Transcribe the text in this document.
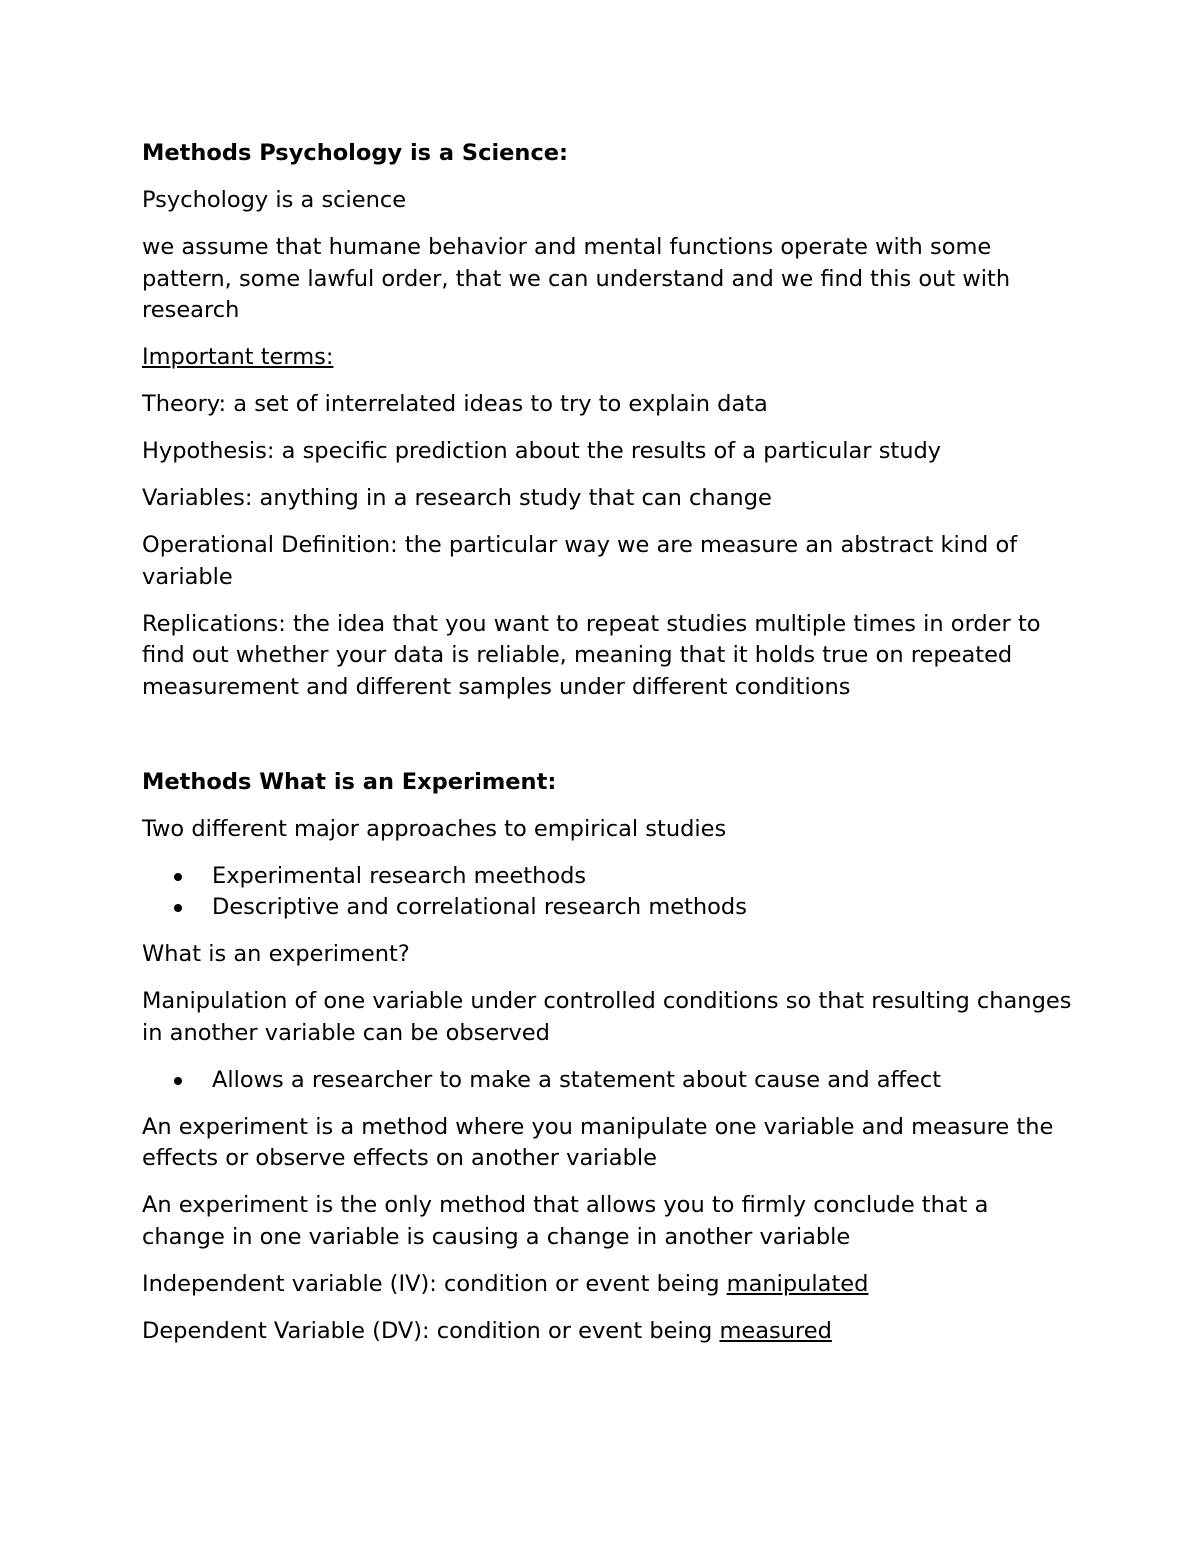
Methods Psychology is a Science:
Psychology is a science
we assume that humane behavior and mental functions operate with some pattern, some lawful order, that we can understand and we find this out with research
Important terms:
Theory: a set of interrelated ideas to try to explain data
Hypothesis: a specific prediction about the results of a particular study
Variables: anything in a research study that can change
Operational Definition: the particular way we are measure an abstract kind of variable
Replications: the idea that you want to repeat studies multiple times in order to find out whether your data is reliable, meaning that it holds true on repeated measurement and different samples under different conditions
Methods What is an Experiment:
Two different major approaches to empirical studies
Experimental research meethods
Descriptive and correlational research methods
What is an experiment?
Manipulation of one variable under controlled conditions so that resulting changes in another variable can be observed
Allows a researcher to make a statement about cause and affect
An experiment is a method where you manipulate one variable and measure the effects or observe effects on another variable
An experiment is the only method that allows you to firmly conclude that a change in one variable is causing a change in another variable
Independent variable (IV): condition or event being manipulated
Dependent Variable (DV): condition or event being measured
